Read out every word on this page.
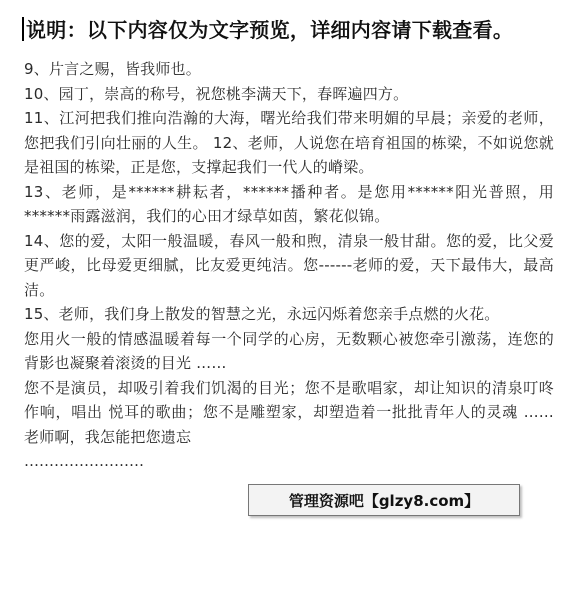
说明：以下内容仅为文字预览，详细内容请下载查看。

9、片言之赐，皆我师也。

10、园丁，崇高的称号，祝您桃李满天下，春晖遍四方。

11、江河把我们推向浩瀚的大海，曙光给我们带来明媚的早晨；亲爱的老师，您把我们引向壮丽的人生。 12、老师，人说您在培育祖国的栋梁，不如说您就是祖国的栋梁，正是您，支撑起我们一代人的嵴梁。

13、老师，是******耕耘者，******播种者。是您用******阳光普照，用******雨露滋润，我们的心田才绿草如茵，繁花似锦。

14、您的爱，太阳一般温暖，春风一般和煦，清泉一般甘甜。您的爱，比父爱更严峻，比母爱更细腻，比友爱更纯洁。您------老师的爱，天下最伟大，最高洁。

15、老师，我们身上散发的智慧之光，永远闪烁着您亲手点燃的火花。

您用火一般的情感温暖着每一个同学的心房，无数颗心被您牵引激荡，连您的背影也凝聚着滚烫的目光 ……

您不是演员，却吸引着我们饥渴的目光；您不是歌唱家，却让知识的清泉叮咚作响，唱出 悦耳的歌曲；您不是雕塑家，却塑造着一批批青年人的灵魂 …… 老师啊，我怎能把您遗忘

……………………

管理资源吧【glzy8.com】
